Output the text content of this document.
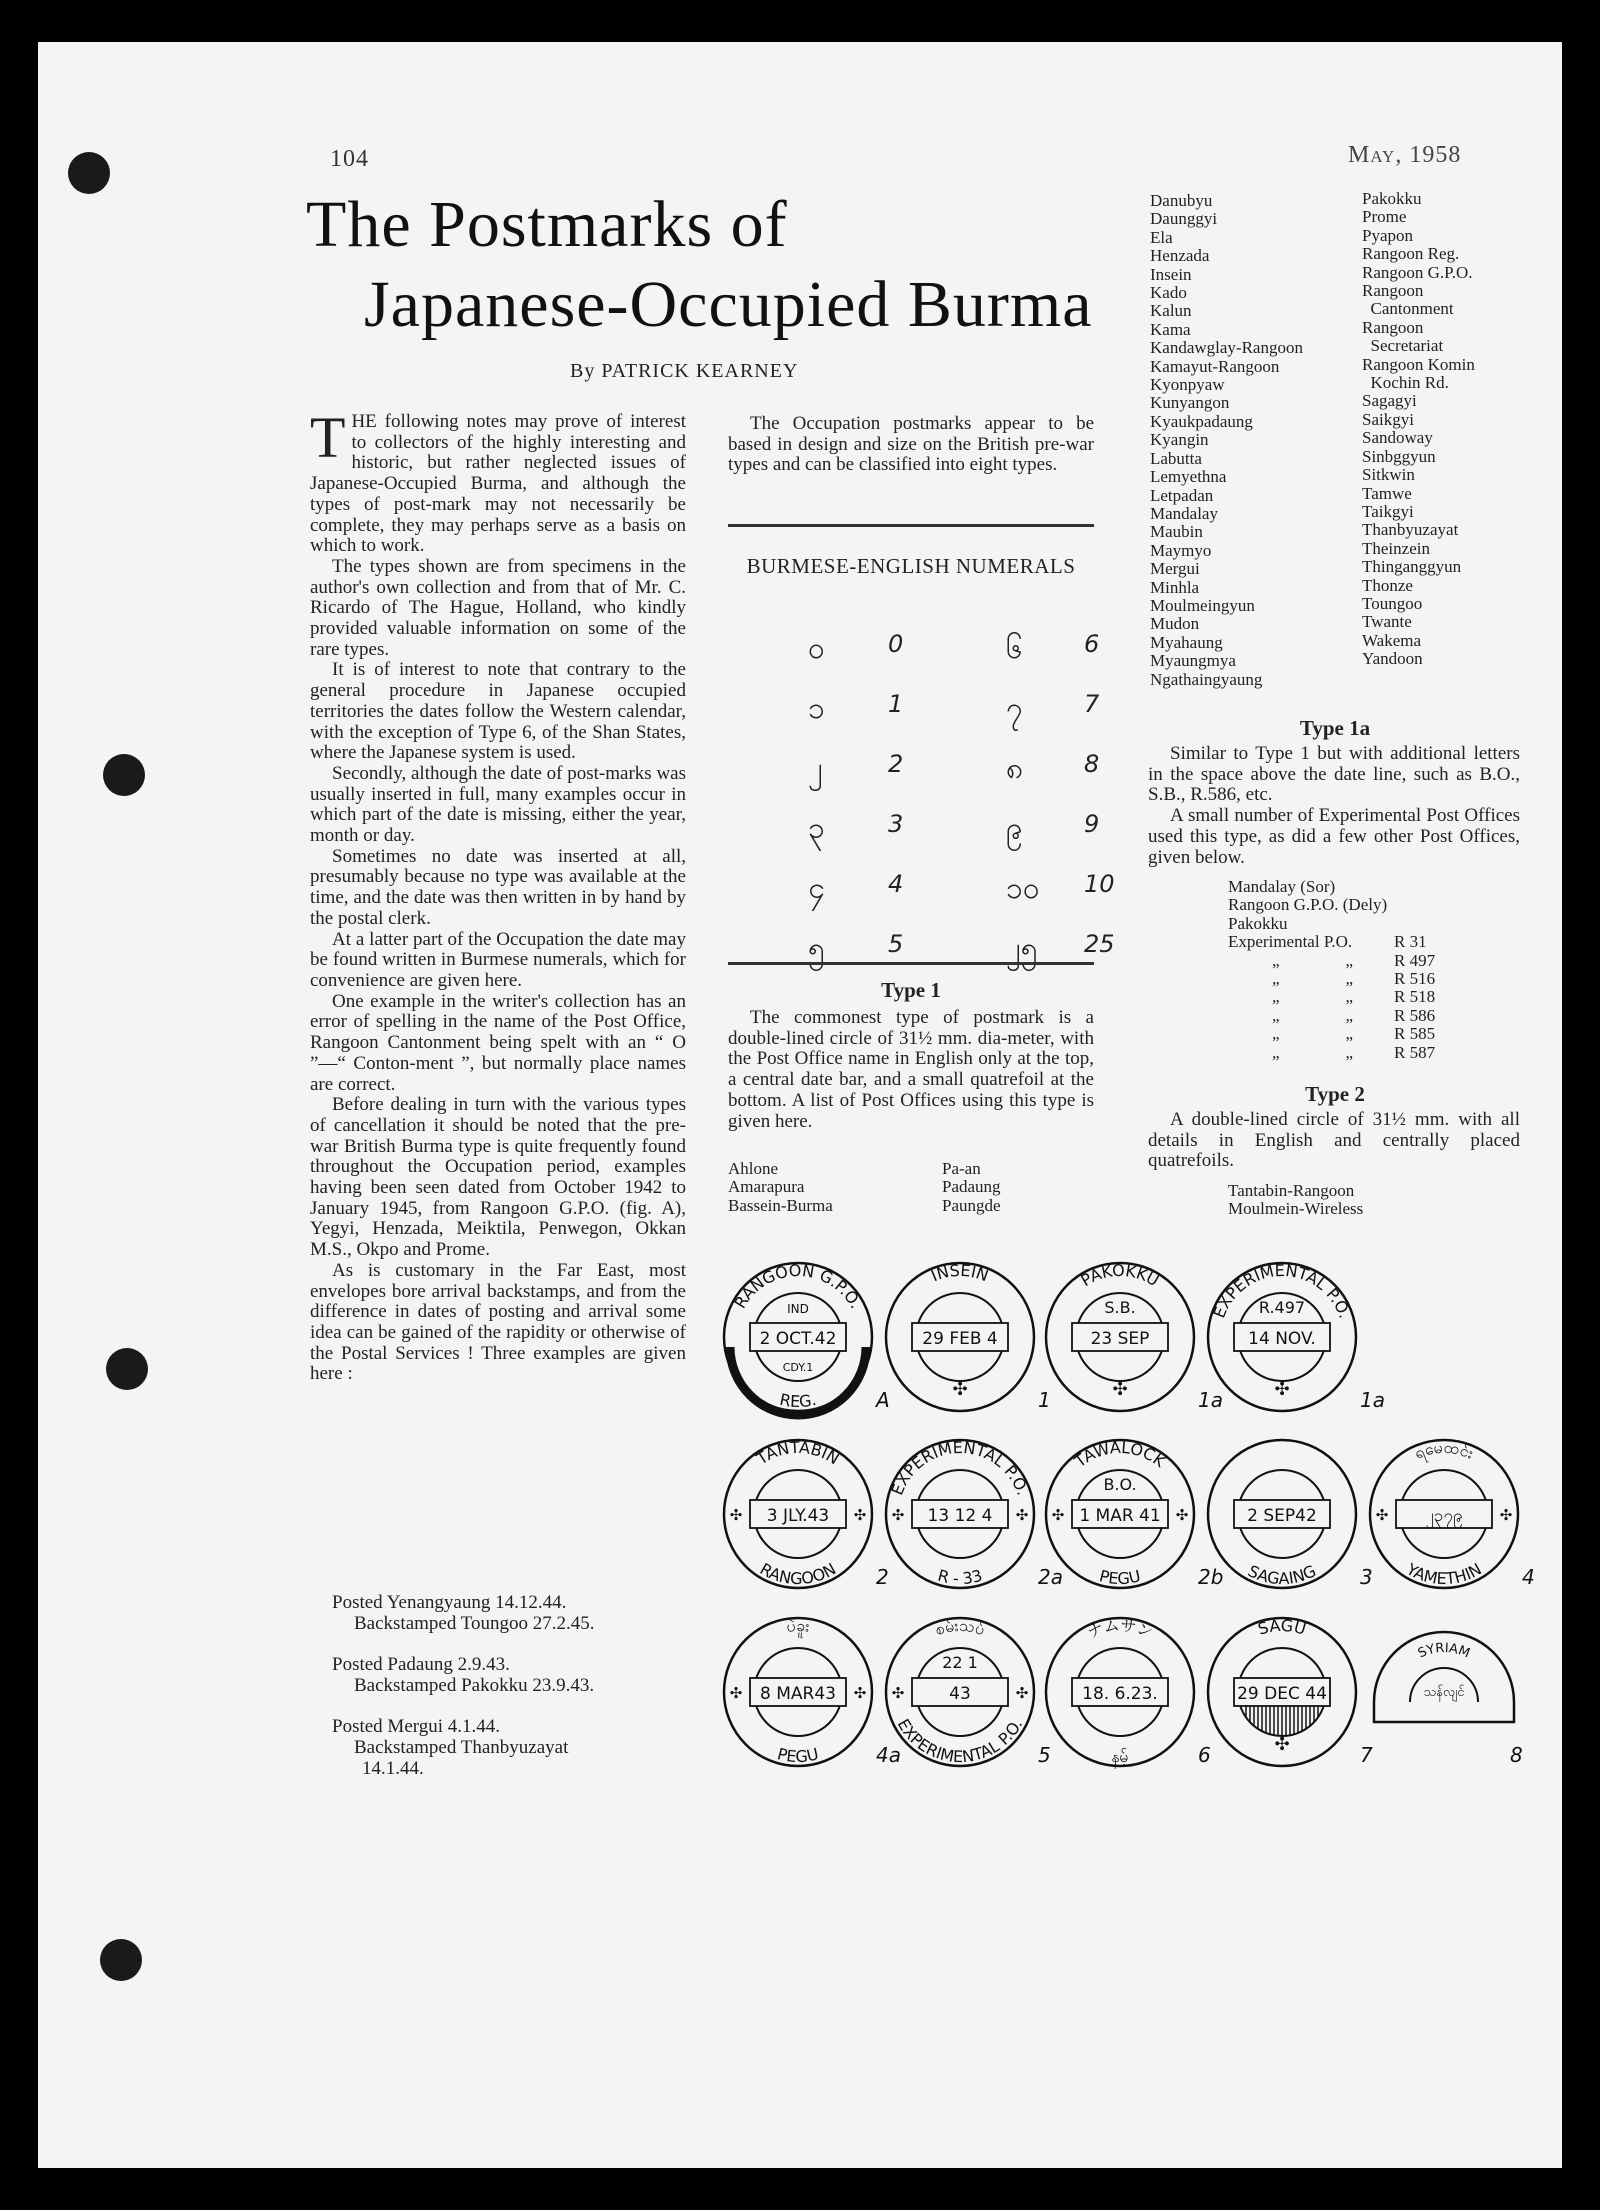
104	May, 1958
The Postmarks of
Japanese-Occupied Burma
By PATRICK KEARNEY
T HE following notes may prove of interest to collectors of the highly interesting and historic, but rather neglected issues of Japanese-Occupied Burma, and although the types of post-mark may not necessarily be complete, they may perhaps serve as a basis on which to work.

The types shown are from specimens in the author's own collection and from that of Mr. C. Ricardo of The Hague, Holland, who kindly provided valuable information on some of the rare types.

It is of interest to note that contrary to the general procedure in Japanese occupied territories the dates follow the Western calendar, with the exception of Type 6, of the Shan States, where the Japanese system is used.

Secondly, although the date of post-marks was usually inserted in full, many examples occur in which part of the date is missing, either the year, month or day.

Sometimes no date was inserted at all, presumably because no type was available at the time, and the date was then written in by hand by the postal clerk.

At a latter part of the Occupation the date may be found written in Burmese numerals, which for convenience are given here.

One example in the writer's collection has an error of spelling in the name of the Post Office, Rangoon Cantonment being spelt with an “ O ”—“ Conton-ment ”, but normally place names are correct.

Before dealing in turn with the various types of cancellation it should be noted that the pre-war British Burma type is quite frequently found throughout the Occupation period, examples having been seen dated from October 1942 to January 1945, from Rangoon G.P.O. (fig. A), Yegyi, Henzada, Meiktila, Penwegon, Okkan M.S., Okpo and Prome.

As is customary in the Far East, most envelopes bore arrival backstamps, and from the difference in dates of posting and arrival some idea can be gained of the rapidity or otherwise of the Postal Services ! Three examples are given here :

Posted Yenangyaung 14.12.44.
Backstamped Toungoo 27.2.45.
Posted Padaung 2.9.43.
Backstamped Pakokku 23.9.43.
Posted Mergui 4.1.44.
Backstamped Thanbyuzayat
14.1.44.

The Occupation postmarks appear to be based in design and size on the British pre-war types and can be classified into eight types.

BURMESE-ENGLISH NUMERALS
၀	0
၁	1
၂	2
၃	3
၄	4
၅	5
၆	6
၇	7
၈	8
၉	9
၁၀ 10
၂၅ 25
Type 1

The commonest type of postmark is a double-lined circle of 31½ mm. dia-meter, with the Post Office name in English only at the top, a central date bar, and a small quatrefoil at the bottom. A list of Post Offices using this type is given here.

Ahlone
Amarapura
Bassein-Burma
Pa-an
Padaung
Paungde
Danubyu
Daunggyi
Ela
Henzada
Insein
Kado
Kalun
Kama
Kandawglay-Rangoon
Kamayut-Rangoon
Kyonpyaw
Kunyangon
Kyaukpadaung
Kyangin
Labutta
Lemyethna
Letpadan
Mandalay
Maubin
Maymyo
Mergui
Minhla
Moulmeingyun
Mudon
Myahaung
Myaungmya
Ngathaingyaung
Pakokku
Prome
Pyapon
Rangoon Reg.
Rangoon G.P.O.
Rangoon
Cantonment
Rangoon
Secretariat
Rangoon Komin
Kochin Rd.
Sagagyi
Saikgyi
Sandoway
Sinbggyun
Sitkwin
Tamwe
Taikgyi
Thanbyuzayat
Theinzein
Thinganggyun
Thonze
Toungoo
Twante
Wakema
Yandoon
Type 1a

Similar to Type 1 but with additional letters in the space above the date line, such as B.O., S.B., R.586, etc.

A small number of Experimental Post Offices used this type, as did a few other Post Offices, given below.

Mandalay (Sor)
Rangoon G.P.O. (Dely)
Pakokku
Experimental P.O.	R 31
„	„	R 497
„	„	R 516
„	„	R 518
„	„	R 586
„	„	R 585
„	„	R 587
Type 2

A double-lined circle of 31½ mm. with all details in English and centrally placed quatrefoils.

Tantabin-Rangoon
Moulmein-Wireless
2 OCT.42
RANGOON G.P.O.
REG.
IND
CDY.1
A
29 FEB 4
INSEIN
✣	1
23 SEP
PAKOKKU
S.B.
✣	1a
14 NOV.
EXPERIMENTAL P.O.
R.497
✣	1a
3 JLY.43
TANTABIN
RANGOON
✣	✣
2
13 12 4
EXPERIMENTAL P.O.
R - 33
✣	✣
2a
1 MAR 41
TAWALOCK
PEGU
B.O.
✣	✣
2b
2 SEP42
SAGAING 3
၂၃၇၉
ရမေထင်း
YAMETHIN
✣	✣
4
8 MAR43
ပဲခူး
PEGU
✣	✣
4a
43
စမ်းသပ်
EXPERIMENTAL P.O.
22 1
✣	✣
5
18. 6.23.
ナムサン
နမ့်	6
29 DEC 44
SAGU
✣	7
SYRIAM
သန်လျင်
8
